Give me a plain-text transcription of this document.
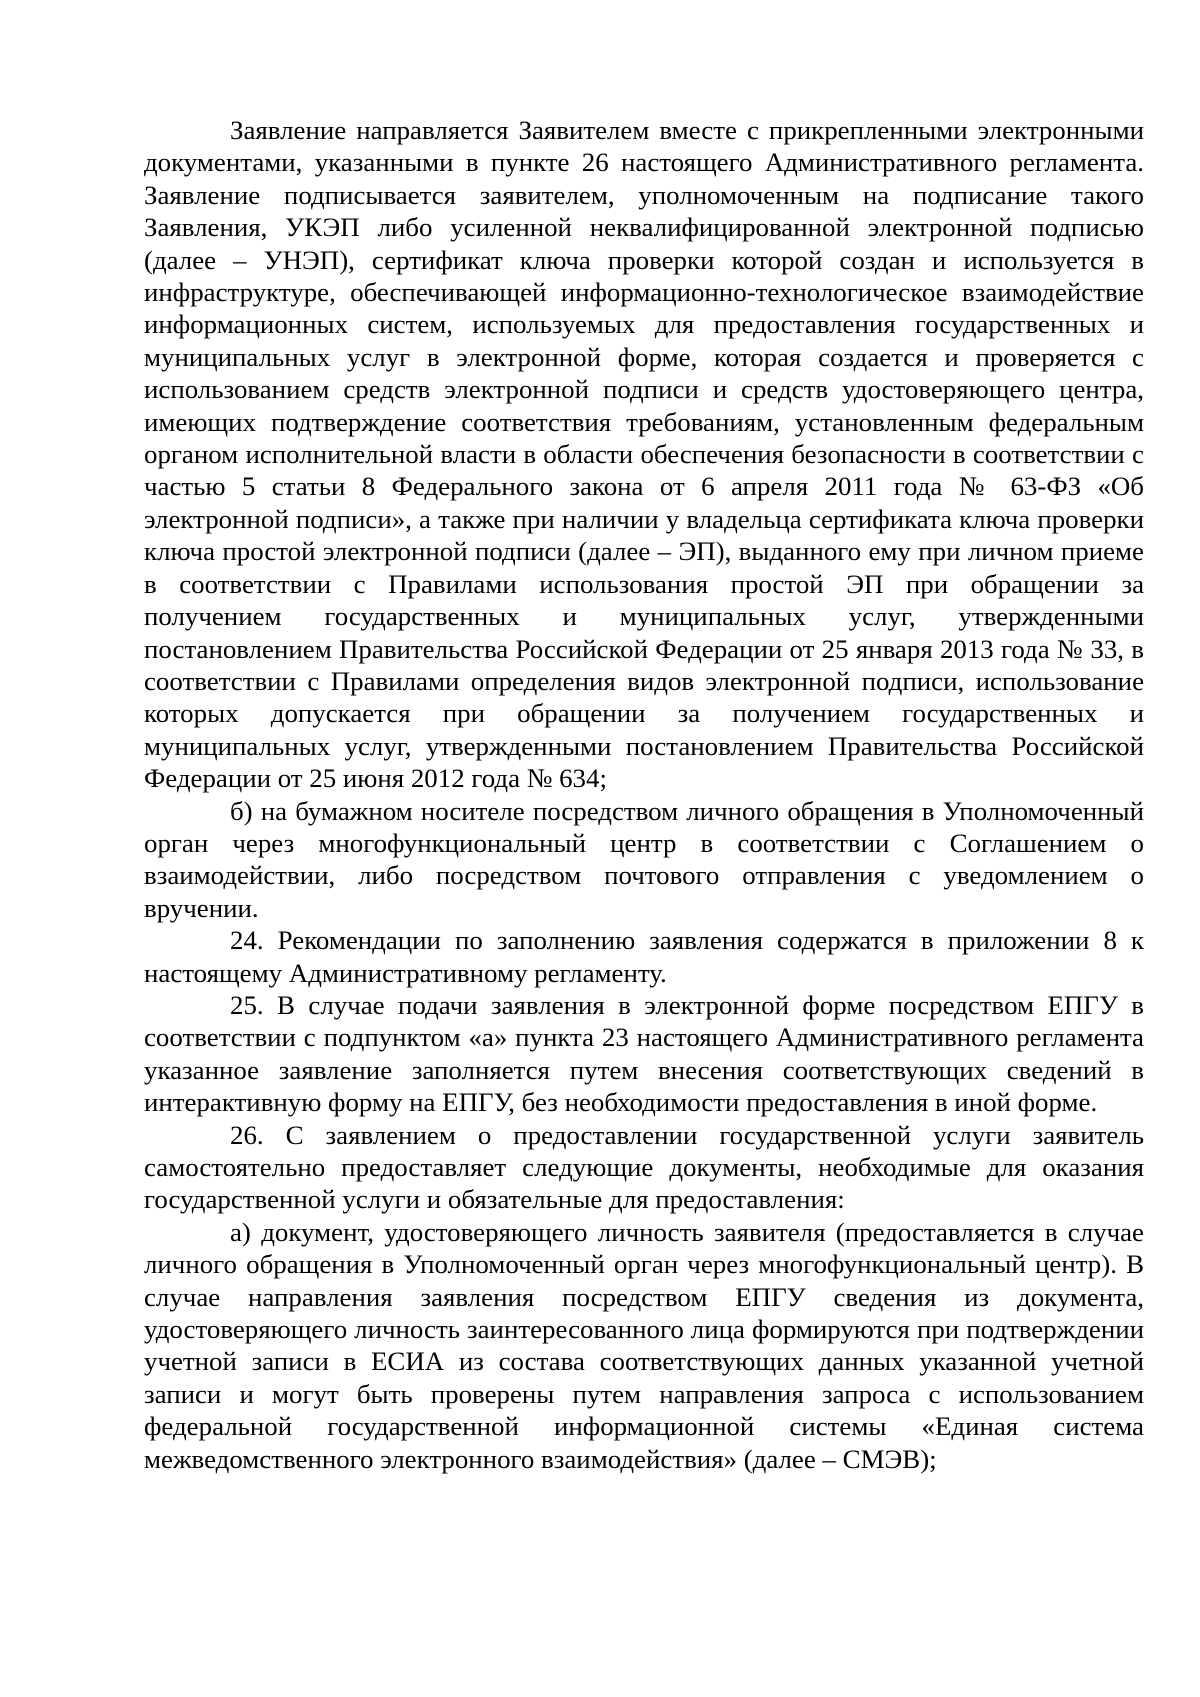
Заявление направляется Заявителем вместе с прикрепленными электронными документами, указанными в пункте 26 настоящего Административного регламента. Заявление подписывается заявителем, уполномоченным на подписание такого Заявления, УКЭП либо усиленной неквалифицированной электронной подписью (далее – УНЭП), сертификат ключа проверки которой создан и используется в инфраструктуре, обеспечивающей информационно-технологическое взаимодействие информационных систем, используемых для предоставления государственных и муниципальных услуг в электронной форме, которая создается и проверяется с использованием средств электронной подписи и средств удостоверяющего центра, имеющих подтверждение соответствия требованиям, установленным федеральным органом исполнительной власти в области обеспечения безопасности в соответствии с частью 5 статьи 8 Федерального закона от 6 апреля 2011 года № 63-ФЗ «Об электронной подписи», а также при наличии у владельца сертификата ключа проверки ключа простой электронной подписи (далее – ЭП), выданного ему при личном приеме в соответствии с Правилами использования простой ЭП при обращении за получением государственных и муниципальных услуг, утвержденными постановлением Правительства Российской Федерации от 25 января 2013 года № 33, в соответствии с Правилами определения видов электронной подписи, использование которых допускается при обращении за получением государственных и муниципальных услуг, утвержденными постановлением Правительства Российской Федерации от 25 июня 2012 года № 634;

б) на бумажном носителе посредством личного обращения в Уполномоченный орган через многофункциональный центр в соответствии с Соглашением о взаимодействии, либо посредством почтового отправления с уведомлением о вручении.

24. Рекомендации по заполнению заявления содержатся в приложении 8 к настоящему Административному регламенту.

25. В случае подачи заявления в электронной форме посредством ЕПГУ в соответствии с подпунктом «а» пункта 23 настоящего Административного регламента указанное заявление заполняется путем внесения соответствующих сведений в интерактивную форму на ЕПГУ, без необходимости предоставления в иной форме.

26. С заявлением о предоставлении государственной услуги заявитель самостоятельно предоставляет следующие документы, необходимые для оказания государственной услуги и обязательные для предоставления:

а) документ, удостоверяющего личность заявителя (предоставляется в случае личного обращения в Уполномоченный орган через многофункциональный центр). В случае направления заявления посредством ЕПГУ сведения из документа, удостоверяющего личность заинтересованного лица формируются при подтверждении учетной записи в ЕСИА из состава соответствующих данных указанной учетной записи и могут быть проверены путем направления запроса с использованием федеральной государственной информационной системы «Единая система межведомственного электронного взаимодействия» (далее – СМЭВ);
